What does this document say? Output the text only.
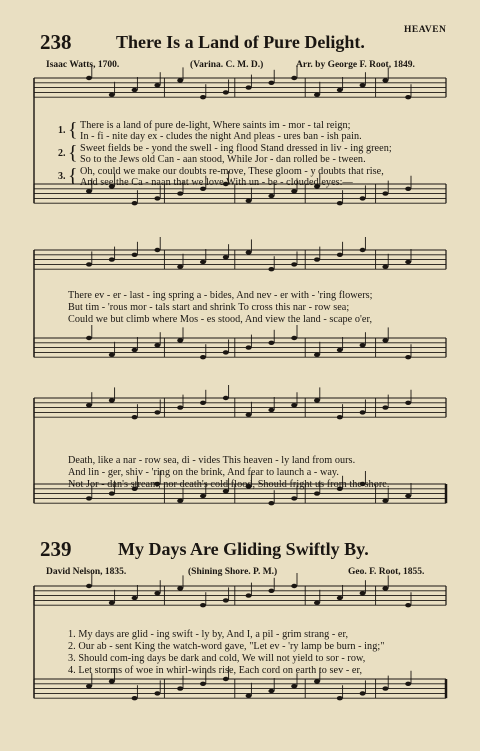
HEAVEN
238 There Is a Land of Pure Delight.
Isaac Watts, 1700.	(Varina. C. M. D.)	Arr. by George F. Root, 1849.
1. { There is a land of pure de-light, Where saints im - mor - tal reign;
In - fi - nite day ex - cludes the night And pleas - ures ban - ish pain.
2. { Sweet fields be - yond the swell - ing flood Stand dressed in liv - ing green;
So to the Jews old Can - aan stood, While Jor - dan rolled be - tween.
3. { Oh, could we make our doubts re-move, These gloom - y doubts that rise,
And see the Ca - naan that we love With un - be - clouded eyes:—
There ev - er - last - ing spring a - bides, And nev - er with - 'ring flowers;
But tim - 'rous mor - tals start and shrink To cross this nar - row sea;
Could we but climb where Mos - es stood, And view the land - scape o'er,
Death, like a nar - row sea, di - vides This heaven - ly land from ours.
And lin - ger, shiv - 'ring on the brink, And fear to launch a - way.
Not Jor - dan's stream, nor death's cold flood, Should fright us from the shore.
239	My Days Are Gliding Swiftly By.
David Nelson, 1835.	(Shining Shore. P. M.)	Geo. F. Root, 1855.
1. My days are glid - ing swift - ly by, And I, a pil - grim strang - er,
2. Our ab - sent King the watch-word gave, "Let ev - 'ry lamp be burn - ing;"
3. Should com-ing days be dark and cold, We will not yield to sor - row,
4. Let storms of woe in whirl-winds rise, Each cord on earth to sev - er,
